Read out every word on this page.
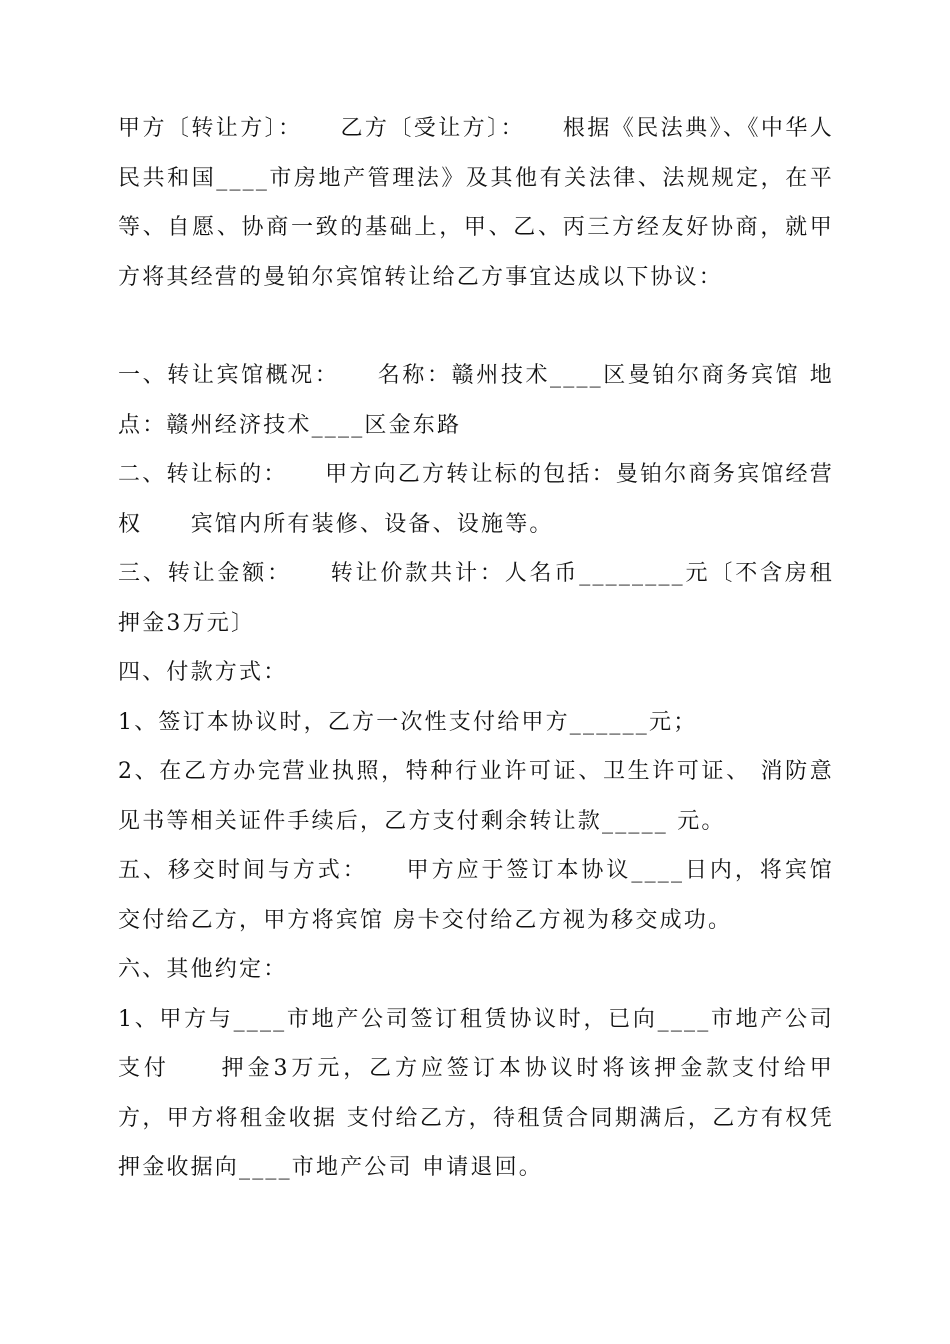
甲方〔转让方〕：　　乙方〔受让方〕：　　根据《民法典》、《中华人民共和国____市房地产管理法》及其他有关法律、法规规定，在平等、自愿、协商一致的基础上，甲、乙、丙三方经友好协商，就甲方将其经营的曼铂尔宾馆转让给乙方事宜达成以下协议：

一、转让宾馆概况：　　名称：赣州技术____区曼铂尔商务宾馆 地点：赣州经济技术____区金东路

二、转让标的：　　甲方向乙方转让标的包括：曼铂尔商务宾馆经营权　　宾馆内所有装修、设备、设施等。

三、转让金额：　　转让价款共计：人名币________元〔不含房租押金3万元〕

四、付款方式：

1、签订本协议时，乙方一次性支付给甲方______元；

2、在乙方办完营业执照，特种行业许可证、卫生许可证、 消防意见书等相关证件手续后，乙方支付剩余转让款_____ 元。

五、移交时间与方式：　　甲方应于签订本协议____日内，将宾馆交付给乙方，甲方将宾馆 房卡交付给乙方视为移交成功。

六、其他约定：

1、甲方与____市地产公司签订租赁协议时，已向____市地产公司支付　　押金3万元，乙方应签订本协议时将该押金款支付给甲方，甲方将租金收据 支付给乙方，待租赁合同期满后，乙方有权凭押金收据向____市地产公司 申请退回。
